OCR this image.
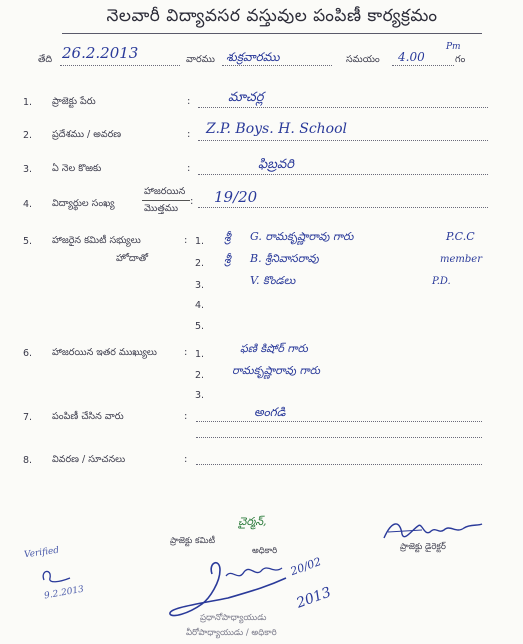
నెలవారీ విద్యావసర వస్తువుల పంపిణీ కార్యక్రమం
తేది 26.2.2013	వారము శుక్రవారము	సమయం 4.00
Pm
గం
1. ప్రాజెక్టు పేరు	:	మాచర్ల
2. ప్రదేశము / అవరణ	: Z.P. Boys. H. School
3. ఏ నెల కొఱకు	:	ఫిబ్రవరి
4. విద్యార్థుల సంఖ్య
హాజరయిన
మొత్తము
: 19/20
5. హాజరైన కమిటీ సభ్యులు
హోదాతో
: 1. శ్రీ G. రామకృష్ణారావు గారు	P.C.C
2. శ్రీ B. శ్రీనివాసరావు	member
3.	V. కొండలు	P.D.
4.
5.
6. హాజరయిన ఇతర ముఖ్యులు	: 1.	ఫణి కిషోర్ గారు
2.	రామకృష్ణారావు గారు
3.
7. పంపిణీ చేసిన వారు	:	అంగడి
8. వివరణ / సూచనలు	:
చైర్మన్,
ప్రాజెక్టు కమిటీ
అధికారి	ప్రాజెక్టు డైరెక్టర్
Verified
9.2.2013
20/02
2013
ప్రధానోపాధ్యాయుడు
వీరోపాధ్యాయుడు / అధికారి
